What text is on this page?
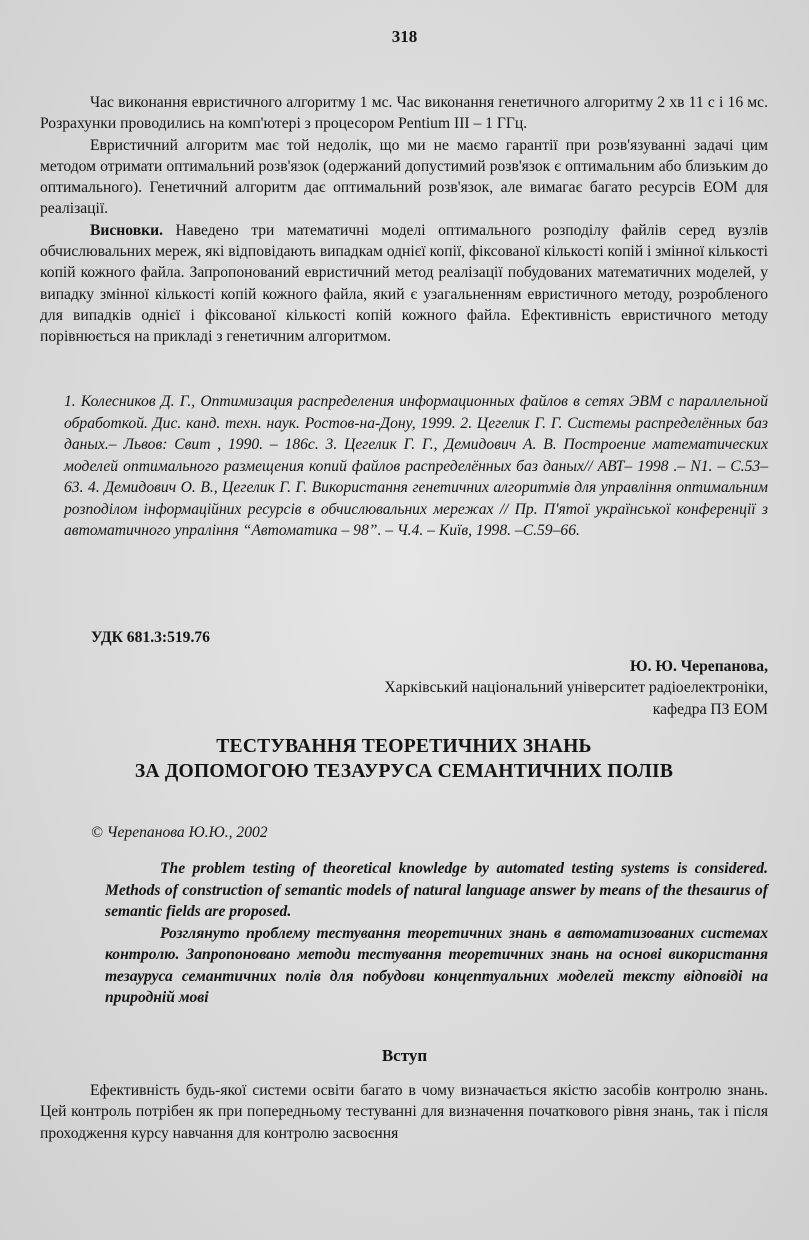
318

Час виконання евристичного алгоритму 1 мс. Час виконання генетичного алгоритму 2 хв 11 с і 16 мс. Розрахунки проводились на комп'ютері з процесором Pentium III – 1 ГГц.

Евристичний алгоритм має той недолік, що ми не маємо гарантії при розв'язуванні задачі цим методом отримати оптимальний розв'язок (одержаний допустимий розв'язок є оптимальним або близьким до оптимального). Генетичний алгоритм дає оптимальний розв'язок, але вимагає багато ресурсів ЕОМ для реалізації.

Висновки. Наведено три математичні моделі оптимального розподілу файлів серед вузлів обчислювальних мереж, які відповідають випадкам однієї копії, фіксованої кількості копій і змінної кількості копій кожного файла. Запропонований евристичний метод реалізації побудованих математичних моделей, у випадку змінної кількості копій кожного файла, який є узагальненням евристичного методу, розробленого для випадків однієї і фіксованої кількості копій кожного файла. Ефективність евристичного методу порівнюється на прикладі з генетичним алгоритмом.

1. Колесников Д. Г., Оптимизация распределения информационных файлов в сетях ЭВМ с параллельной обработкой. Дис. канд. техн. наук. Ростов-на-Дону, 1999. 2. Цегелик Г. Г. Системы распределённых баз даных.– Львов: Свит , 1990. – 186с. 3. Цегелик Г. Г., Демидович А. В. Построение математических моделей оптимального размещения копий файлов распределённых баз даных// АВТ– 1998 .– N1. – С.53–63. 4. Демидович О. В., Цегелик Г. Г. Використання генетичних алгоритмів для управління оптимальним розподілом інформаційних ресурсів в обчислювальних мережах // Пр. П'ятої української конференції з автоматичного упраління “Автоматика – 98”. – Ч.4. – Київ, 1998. –С.59–66.
УДК 681.3:519.76
Ю. Ю. Черепанова,
Харківський національний університет радіоелектроніки,
кафедра ПЗ ЕОМ
ТЕСТУВАННЯ ТЕОРЕТИЧНИХ ЗНАНЬ
ЗА ДОПОМОГОЮ ТЕЗАУРУСА СЕМАНТИЧНИХ ПОЛІВ
© Черепанова Ю.Ю., 2002

The problem testing of theoretical knowledge by automated testing systems is considered. Methods of construction of semantic models of natural language answer by means of the thesaurus of semantic fields are proposed.

Розглянуто проблему тестування теоретичних знань в автоматизованих системах контролю. Запропоновано методи тестування теоретичних знань на основі використання тезауруса семантичних полів для побудови концептуальних моделей тексту відповіді на природній мові

Вступ

Ефективність будь-якої системи освіти багато в чому визначається якістю засобів контролю знань. Цей контроль потрібен як при попередньому тестуванні для визначення початкового рівня знань, так і після проходження курсу навчання для контролю засвоєння
